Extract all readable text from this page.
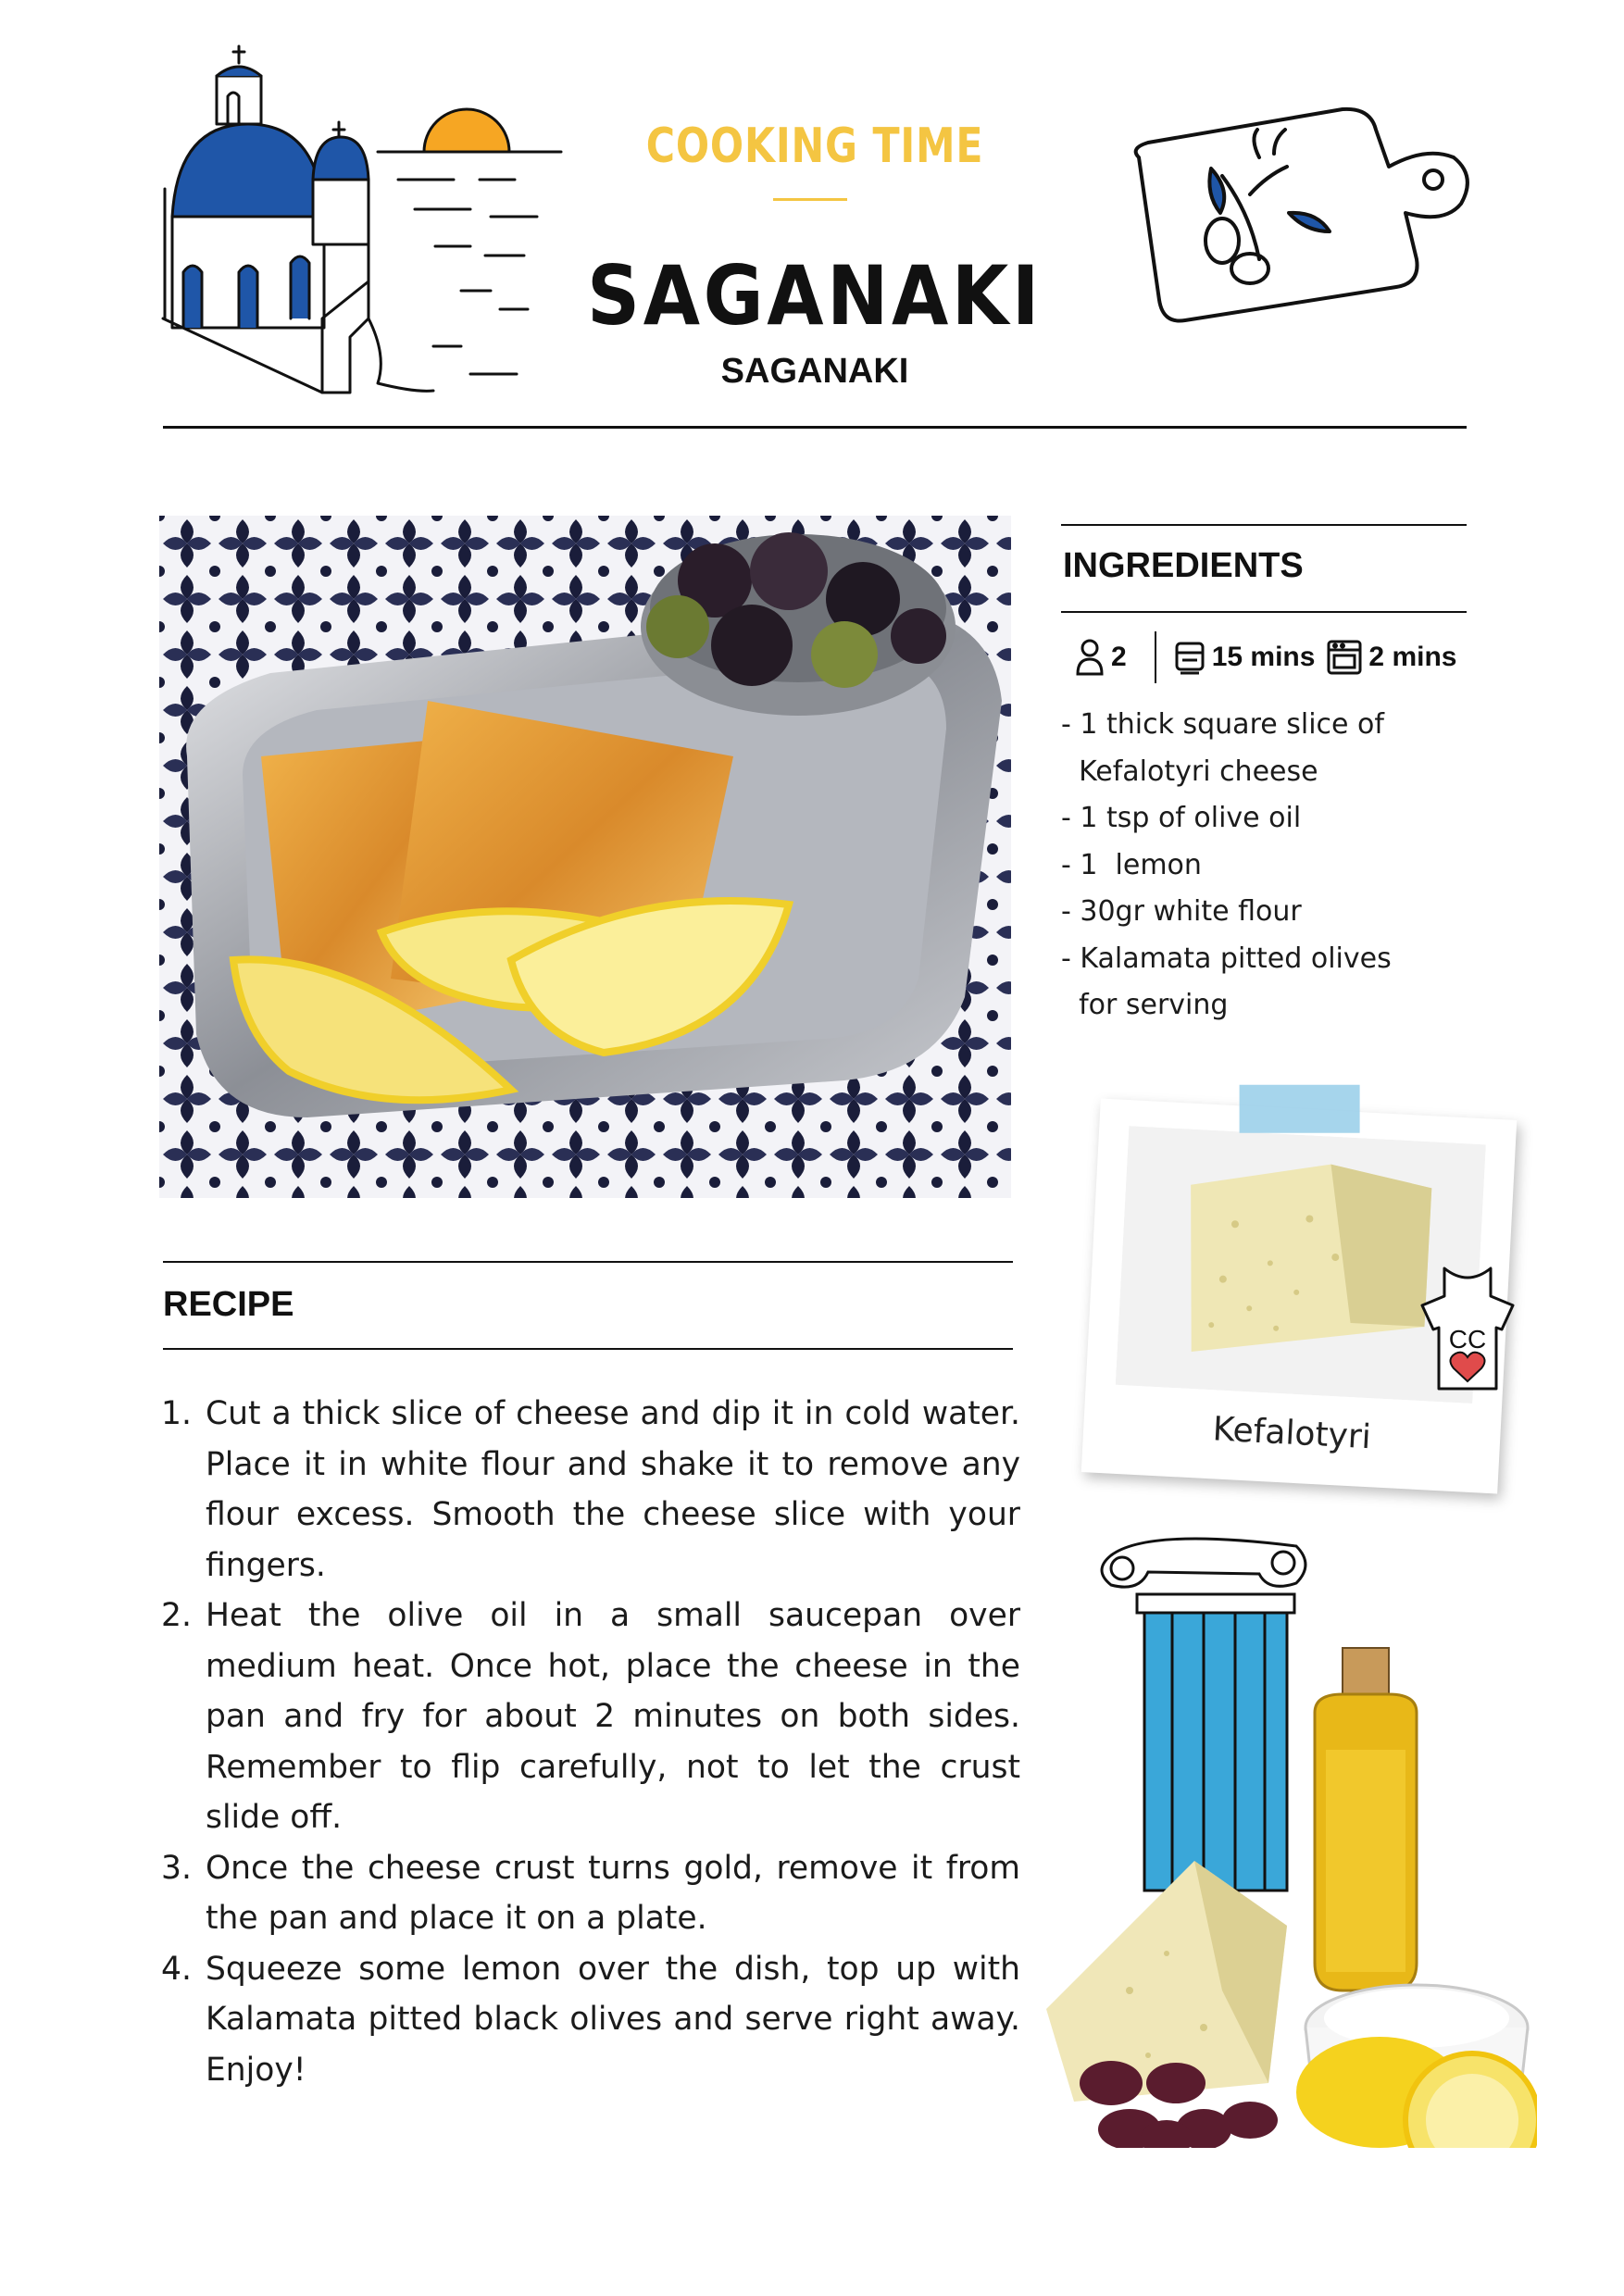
COOKING TIME
SAGANAKI
SAGANAKI
INGREDIENTS
2	15 mins 2 mins
- 1 thick square slice of
Kefalotyri cheese
- 1 tsp of olive oil
- 1  lemon
- 30gr white flour
- Kalamata pitted olives
for serving
Kefalotyri
CC
RECIPE
1. Cut a thick slice of cheese and dip it in cold water. Place it in white flour and shake it to remove any flour excess. Smooth the cheese slice with your fingers.
2. Heat the olive oil in a small saucepan over medium heat. Once hot, place the cheese in the pan and fry for about 2 minutes on both sides. Remember to flip carefully, not to let the crust slide off.
3. Once the cheese crust turns gold, remove it from the pan and place it on a plate.
4. Squeeze some lemon over the dish, top up with Kalamata pitted black olives and serve right away. Enjoy!
